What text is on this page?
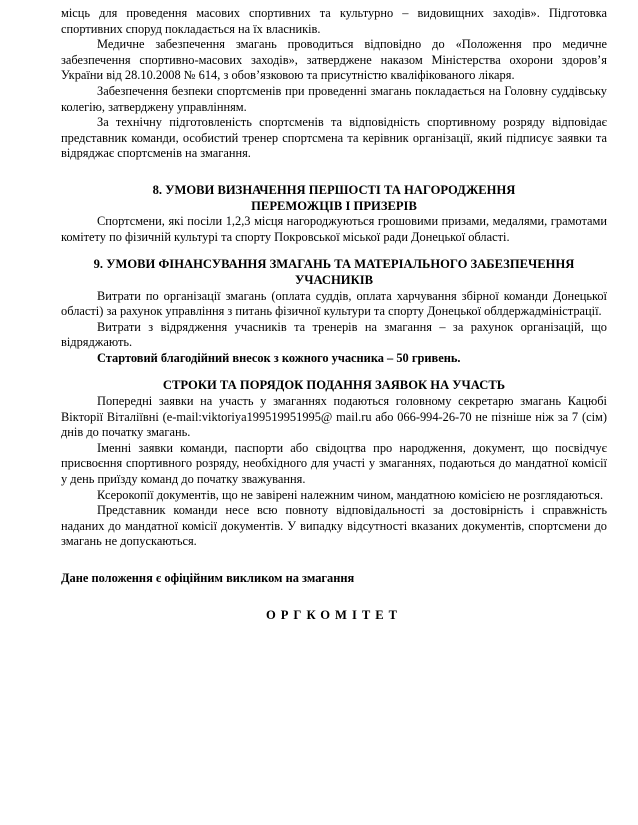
місць для проведення масових спортивних та культурно – видовищних заходів». Підготовка спортивних споруд покладається на їх власників.

Медичне забезпечення змагань проводиться відповідно до «Положення про медичне забезпечення спортивно-масових заходів», затверджене наказом Міністерства охорони здоров’я України від 28.10.2008 № 614, з обов’язковою та присутністю кваліфікованого лікаря.

Забезпечення безпеки спортсменів при проведенні змагань покладається на Головну суддівську колегію, затверджену управлінням.

За технічну підготовленість спортсменів та відповідність спортивному розряду відповідає представник команди, особистий тренер спортсмена та керівник організації, який підписує заявки та відряджає спортсменів на змагання.

8. УМОВИ ВИЗНАЧЕННЯ ПЕРШОСТІ ТА НАГОРОДЖЕННЯ
ПЕРЕМОЖЦІВ І ПРИЗЕРІВ

Спортсмени, які посіли 1,2,3 місця нагороджуються грошовими призами, медалями, грамотами комітету по фізичній культурі та спорту Покровської міської ради Донецької області.

9. УМОВИ ФІНАНСУВАННЯ ЗМАГАНЬ ТА МАТЕРІАЛЬНОГО ЗАБЕЗПЕЧЕННЯ
УЧАСНИКІВ

Витрати по організації змагань (оплата суддів, оплата харчування збірної команди Донецької області) за рахунок управління з питань фізичної культури та спорту Донецької облдержадміністрації.

Витрати з відрядження учасників та тренерів на змагання – за рахунок організацій, що відряджають.

Стартовий благодійний внесок з кожного учасника – 50 гривень.

СТРОКИ ТА ПОРЯДОК ПОДАННЯ ЗАЯВОК НА УЧАСТЬ

Попередні заявки на участь у змаганнях подаються головному секретарю змагань Кацюбі Вікторії Віталіївні (e-mail:viktoriya199519951995@ mail.ru або 066-994-26-70 не пізніше ніж за 7 (сім) днів до початку змагань.

Іменні заявки команди, паспорти або свідоцтва про народження, документ, що посвідчує присвоєння спортивного розряду, необхідного для участі у змаганнях, подаються до мандатної комісії у день приїзду команд до початку зважування.

Ксерокопії документів, що не завірені належним чином, мандатною комісією не розглядаються.

Представник команди несе всю повноту відповідальності за достовірність і справжність наданих до мандатної комісії документів. У випадку відсутності вказаних документів, спортсмени до змагань не допускаються.

Дане положення є офіційним викликом на змагання

ОРГКОМІТЕТ
